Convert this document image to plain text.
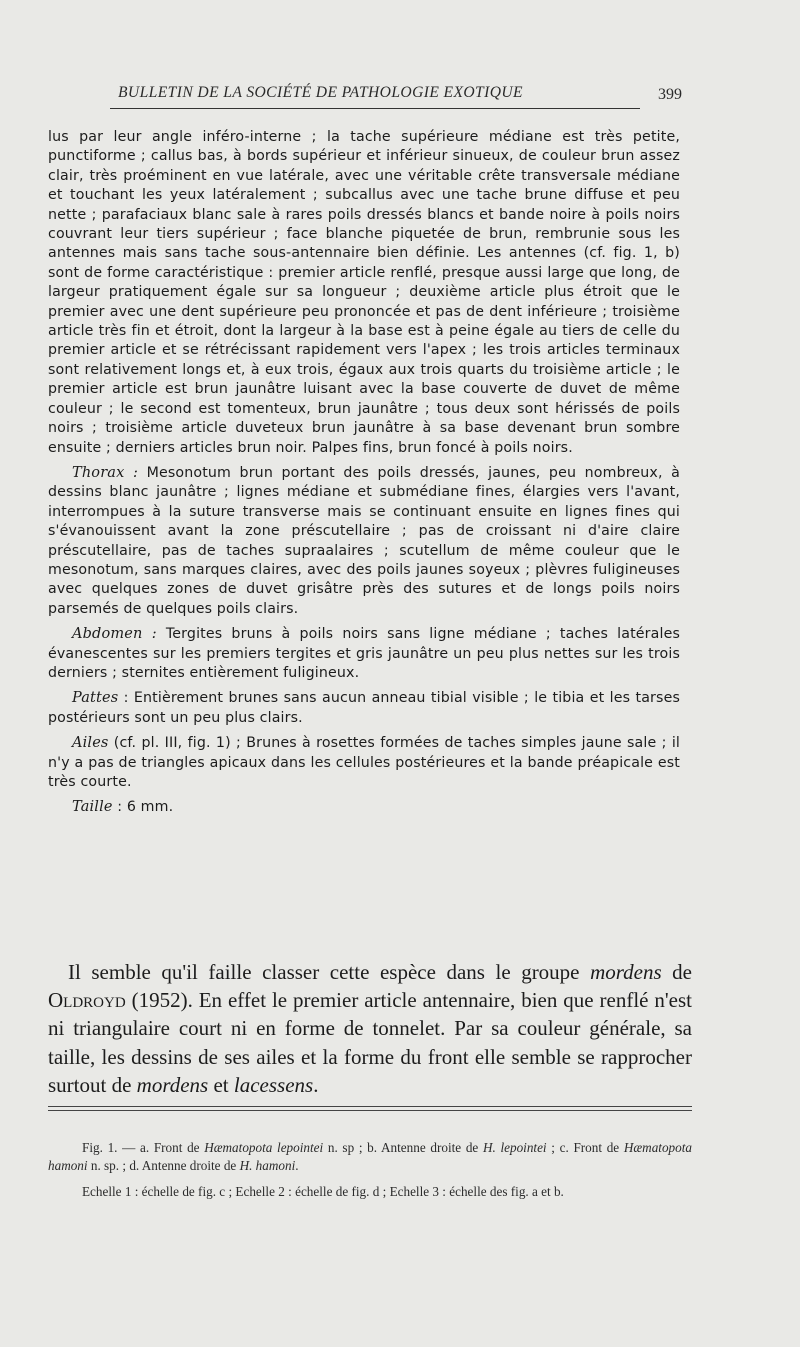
BULLETIN DE LA SOCIÉTÉ DE PATHOLOGIE EXOTIQUE	399

lus par leur angle inféro-interne ; la tache supérieure médiane est très petite, punctiforme ; callus bas, à bords supérieur et inférieur sinueux, de couleur brun assez clair, très proéminent en vue latérale, avec une véritable crête transversale médiane et touchant les yeux latéralement ; subcallus avec une tache brune diffuse et peu nette ; parafaciaux blanc sale à rares poils dressés blancs et bande noire à poils noirs couvrant leur tiers supérieur ; face blanche piquetée de brun, rembrunie sous les antennes mais sans tache sous-antennaire bien définie. Les antennes (cf. fig. 1, b) sont de forme caractéristique : premier article renflé, presque aussi large que long, de largeur pratiquement égale sur sa longueur ; deuxième article plus étroit que le premier avec une dent supérieure peu prononcée et pas de dent inférieure ; troisième article très fin et étroit, dont la largeur à la base est à peine égale au tiers de celle du premier article et se rétrécissant rapidement vers l'apex ; les trois articles terminaux sont relativement longs et, à eux trois, égaux aux trois quarts du troisième article ; le premier article est brun jaunâtre luisant avec la base couverte de duvet de même couleur ; le second est tomenteux, brun jaunâtre ; tous deux sont hérissés de poils noirs ; troisième article duveteux brun jaunâtre à sa base devenant brun sombre ensuite ; derniers articles brun noir. Palpes fins, brun foncé à poils noirs.

Thorax : Mesonotum brun portant des poils dressés, jaunes, peu nombreux, à dessins blanc jaunâtre ; lignes médiane et submédiane fines, élargies vers l'avant, interrompues à la suture transverse mais se continuant ensuite en lignes fines qui s'évanouissent avant la zone préscutellaire ; pas de croissant ni d'aire claire préscutellaire, pas de taches supraalaires ; scutellum de même couleur que le mesonotum, sans marques claires, avec des poils jaunes soyeux ; plèvres fuligineuses avec quelques zones de duvet grisâtre près des sutures et de longs poils noirs parsemés de quelques poils clairs.

Abdomen : Tergites bruns à poils noirs sans ligne médiane ; taches latérales évanescentes sur les premiers tergites et gris jaunâtre un peu plus nettes sur les trois derniers ; sternites entièrement fuligineux.

Pattes : Entièrement brunes sans aucun anneau tibial visible ; le tibia et les tarses postérieurs sont un peu plus clairs.

Ailes (cf. pl. III, fig. 1) ; Brunes à rosettes formées de taches simples jaune sale ; il n'y a pas de triangles apicaux dans les cellules postérieures et la bande préapicale est très courte.

Taille : 6 mm.

Il semble qu'il faille classer cette espèce dans le groupe mordens de Oldroyd (1952). En effet le premier article antennaire, bien que renflé n'est ni triangulaire court ni en forme de tonnelet. Par sa couleur générale, sa taille, les dessins de ses ailes et la forme du front elle semble se rapprocher surtout de mordens et lacessens.

Fig. 1. — a. Front de Hæmatopota lepointei n. sp ; b. Antenne droite de H. lepointei ; c. Front de Hæmatopota hamoni n. sp. ; d. Antenne droite de H. hamoni.

Echelle 1 : échelle de fig. c ; Echelle 2 : échelle de fig. d ; Echelle 3 : échelle des fig. a et b.
